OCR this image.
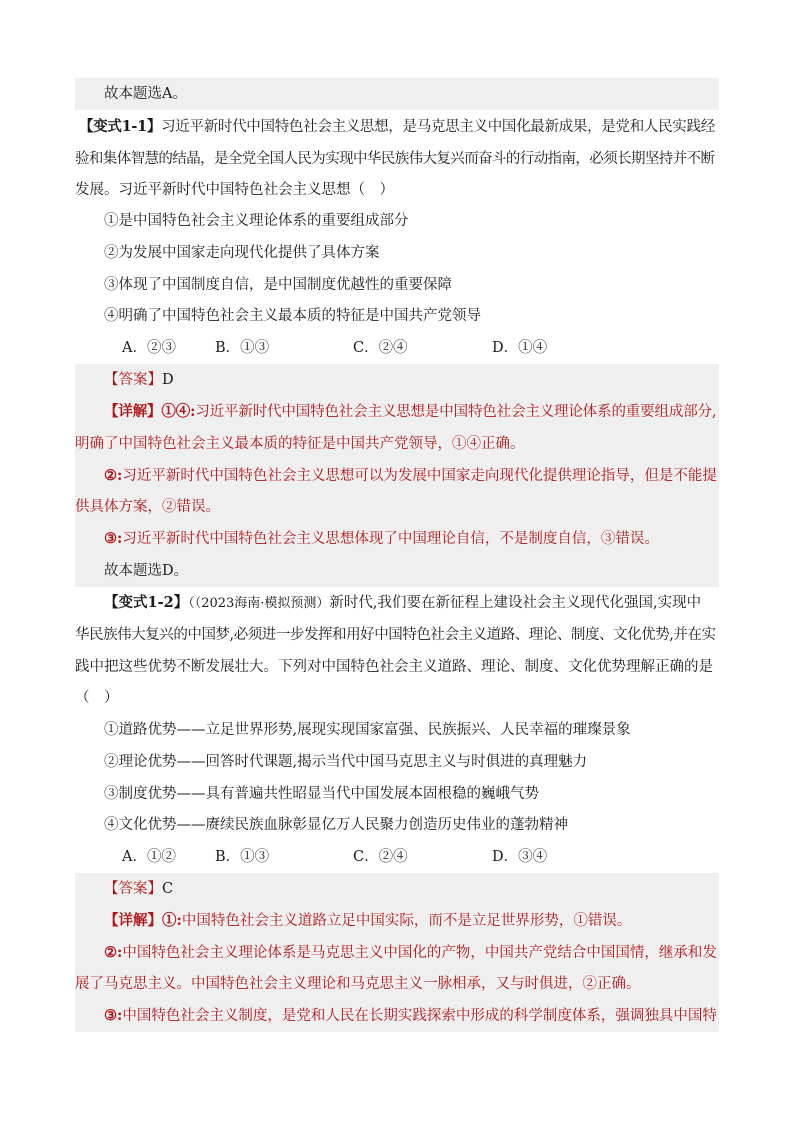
故本题选A。
【变式1-1】习近平新时代中国特色社会主义思想，是马克思主义中国化最新成果，是党和人民实践经
验和集体智慧的结晶，是全党全国人民为实现中华民族伟大复兴而奋斗的行动指南，必须长期坚持并不断
发展。习近平新时代中国特色社会主义思想（　）
①是中国特色社会主义理论体系的重要组成部分
②为发展中国家走向现代化提供了具体方案
③体现了中国制度自信，是中国制度优越性的重要保障
④明确了中国特色社会主义最本质的特征是中国共产党领导
A．②③	B．①③	C．②④	D．①④
【答案】D
【详解】①④:习近平新时代中国特色社会主义思想是中国特色社会主义理论体系的重要组成部分,
明确了中国特色社会主义最本质的特征是中国共产党领导，①④正确。
②:习近平新时代中国特色社会主义思想可以为发展中国家走向现代化提供理论指导，但是不能提
供具体方案，②错误。
③:习近平新时代中国特色社会主义思想体现了中国理论自信，不是制度自信，③错误。
故本题选D。
【变式1-2】（（2023海南·模拟预测）新时代,我们要在新征程上建设社会主义现代化强国,实现中
华民族伟大复兴的中国梦,必须进一步发挥和用好中国特色社会主义道路、理论、制度、文化优势,并在实
践中把这些优势不断发展壮大。下列对中国特色社会主义道路、理论、制度、文化优势理解正确的是
（　）
①道路优势——立足世界形势,展现实现国家富强、民族振兴、人民幸福的璀璨景象
②理论优势——回答时代课题,揭示当代中国马克思主义与时俱进的真理魅力
③制度优势——具有普遍共性昭显当代中国发展本固根稳的巍峨气势
④文化优势——赓续民族血脉彰显亿万人民聚力创造历史伟业的蓬勃精神
A．①②	B．①③	C．②④	D．③④
【答案】C
【详解】①:中国特色社会主义道路立足中国实际，而不是立足世界形势，①错误。
②:中国特色社会主义理论体系是马克思主义中国化的产物，中国共产党结合中国国情，继承和发
展了马克思主义。中国特色社会主义理论和马克思主义一脉相承，又与时俱进，②正确。
③:中国特色社会主义制度，是党和人民在长期实践探索中形成的科学制度体系，强调独具中国特
